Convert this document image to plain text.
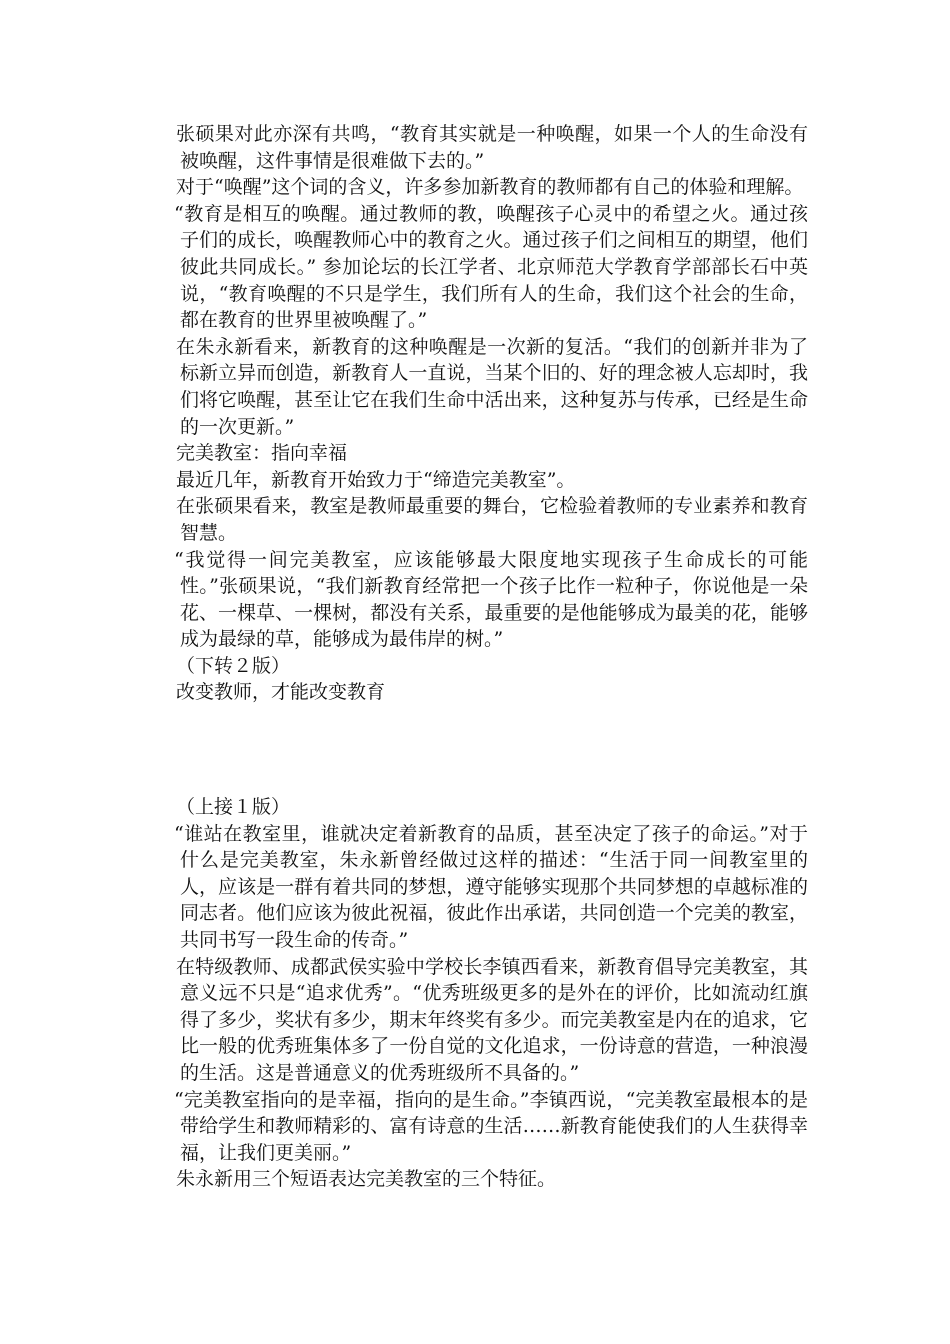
张硕果对此亦深有共鸣，“教育其实就是一种唤醒，如果一个人的生命没有被唤醒，这件事情是很难做下去的。”

对于“唤醒”这个词的含义，许多参加新教育的教师都有自己的体验和理解。

“教育是相互的唤醒。通过教师的教，唤醒孩子心灵中的希望之火。通过孩子们的成长，唤醒教师心中的教育之火。通过孩子们之间相互的期望，他们彼此共同成长。” 参加论坛的长江学者、北京师范大学教育学部部长石中英说，“教育唤醒的不只是学生，我们所有人的生命，我们这个社会的生命，都在教育的世界里被唤醒了。”

在朱永新看来，新教育的这种唤醒是一次新的复活。“我们的创新并非为了标新立异而创造，新教育人一直说，当某个旧的、好的理念被人忘却时，我们将它唤醒，甚至让它在我们生命中活出来，这种复苏与传承，已经是生命的一次更新。”

完美教室：指向幸福

最近几年，新教育开始致力于“缔造完美教室”。

在张硕果看来，教室是教师最重要的舞台，它检验着教师的专业素养和教育智慧。

“我觉得一间完美教室，应该能够最大限度地实现孩子生命成长的可能性。”张硕果说，“我们新教育经常把一个孩子比作一粒种子，你说他是一朵花、一棵草、一棵树，都没有关系，最重要的是他能够成为最美的花，能够成为最绿的草，能够成为最伟岸的树。”

（下转２版）

改变教师，才能改变教育

（上接１版）

“谁站在教室里，谁就决定着新教育的品质，甚至决定了孩子的命运。”对于什么是完美教室，朱永新曾经做过这样的描述：“生活于同一间教室里的人，应该是一群有着共同的梦想，遵守能够实现那个共同梦想的卓越标准的同志者。他们应该为彼此祝福，彼此作出承诺，共同创造一个完美的教室，共同书写一段生命的传奇。”

在特级教师、成都武侯实验中学校长李镇西看来，新教育倡导完美教室，其意义远不只是“追求优秀”。“优秀班级更多的是外在的评价，比如流动红旗得了多少，奖状有多少，期末年终奖有多少。而完美教室是内在的追求，它比一般的优秀班集体多了一份自觉的文化追求，一份诗意的营造，一种浪漫的生活。这是普通意义的优秀班级所不具备的。”

“完美教室指向的是幸福，指向的是生命。”李镇西说，“完美教室最根本的是带给学生和教师精彩的、富有诗意的生活……新教育能使我们的人生获得幸福，让我们更美丽。”

朱永新用三个短语表达完美教室的三个特征。
